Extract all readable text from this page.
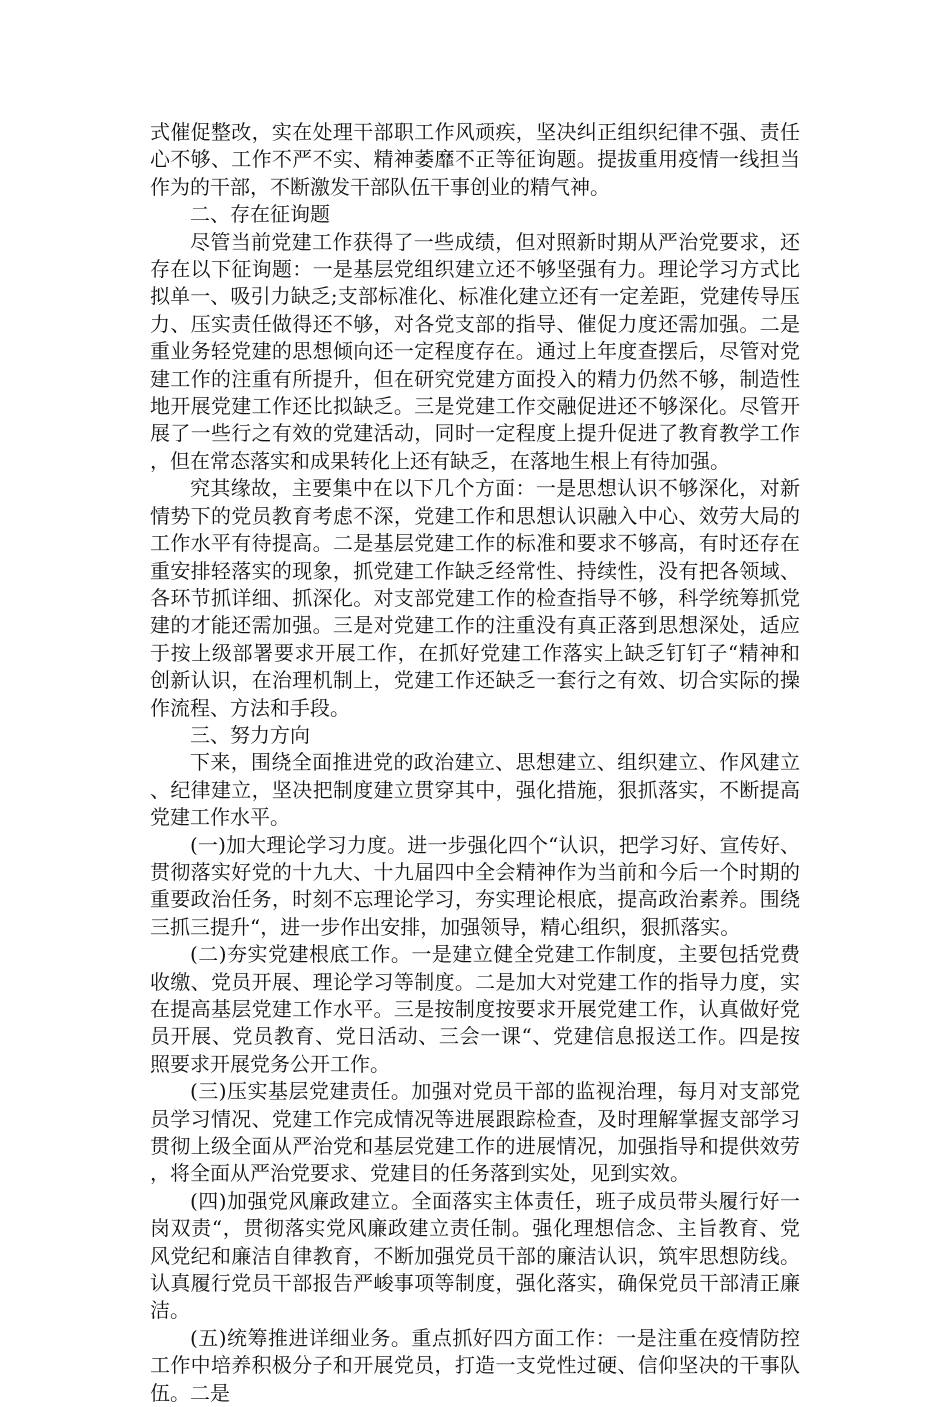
式催促整改，实在处理干部职工作风顽疾，坚决纠正组织纪律不强、责任心不够、工作不严不实、精神萎靡不正等征询题。提拔重用疫情一线担当作为的干部，不断激发干部队伍干事创业的精气神。

二、存在征询题

尽管当前党建工作获得了一些成绩，但对照新时期从严治党要求，还存在以下征询题：一是基层党组织建立还不够坚强有力。理论学习方式比拟单一、吸引力缺乏;支部标准化、标准化建立还有一定差距，党建传导压力、压实责任做得还不够，对各党支部的指导、催促力度还需加强。二是重业务轻党建的思想倾向还一定程度存在。通过上年度查摆后，尽管对党建工作的注重有所提升，但在研究党建方面投入的精力仍然不够，制造性地开展党建工作还比拟缺乏。三是党建工作交融促进还不够深化。尽管开展了一些行之有效的党建活动，同时一定程度上提升促进了教育教学工作，但在常态落实和成果转化上还有缺乏，在落地生根上有待加强。

究其缘故，主要集中在以下几个方面：一是思想认识不够深化，对新情势下的党员教育考虑不深，党建工作和思想认识融入中心、效劳大局的工作水平有待提高。二是基层党建工作的标准和要求不够高，有时还存在重安排轻落实的现象，抓党建工作缺乏经常性、持续性，没有把各领域、各环节抓详细、抓深化。对支部党建工作的检查指导不够，科学统筹抓党建的才能还需加强。三是对党建工作的注重没有真正落到思想深处，适应于按上级部署要求开展工作，在抓好党建工作落实上缺乏钉钉子“精神和创新认识，在治理机制上，党建工作还缺乏一套行之有效、切合实际的操作流程、方法和手段。

三、努力方向

下来，围绕全面推进党的政治建立、思想建立、组织建立、作风建立、纪律建立，坚决把制度建立贯穿其中，强化措施，狠抓落实，不断提高党建工作水平。

(一)加大理论学习力度。进一步强化四个“认识，把学习好、宣传好、贯彻落实好党的十九大、十九届四中全会精神作为当前和今后一个时期的重要政治任务，时刻不忘理论学习，夯实理论根底，提高政治素养。围绕三抓三提升“，进一步作出安排，加强领导，精心组织，狠抓落实。

(二)夯实党建根底工作。一是建立健全党建工作制度，主要包括党费收缴、党员开展、理论学习等制度。二是加大对党建工作的指导力度，实在提高基层党建工作水平。三是按制度按要求开展党建工作，认真做好党员开展、党员教育、党日活动、三会一课“、党建信息报送工作。四是按照要求开展党务公开工作。

(三)压实基层党建责任。加强对党员干部的监视治理，每月对支部党员学习情况、党建工作完成情况等进展跟踪检查，及时理解掌握支部学习贯彻上级全面从严治党和基层党建工作的进展情况，加强指导和提供效劳，将全面从严治党要求、党建目的任务落到实处，见到实效。

(四)加强党风廉政建立。全面落实主体责任，班子成员带头履行好一岗双责“，贯彻落实党风廉政建立责任制。强化理想信念、主旨教育、党风党纪和廉洁自律教育，不断加强党员干部的廉洁认识，筑牢思想防线。认真履行党员干部报告严峻事项等制度，强化落实，确保党员干部清正廉洁。

(五)统筹推进详细业务。重点抓好四方面工作：一是注重在疫情防控工作中培养积极分子和开展党员，打造一支党性过硬、信仰坚决的干事队伍。二是
